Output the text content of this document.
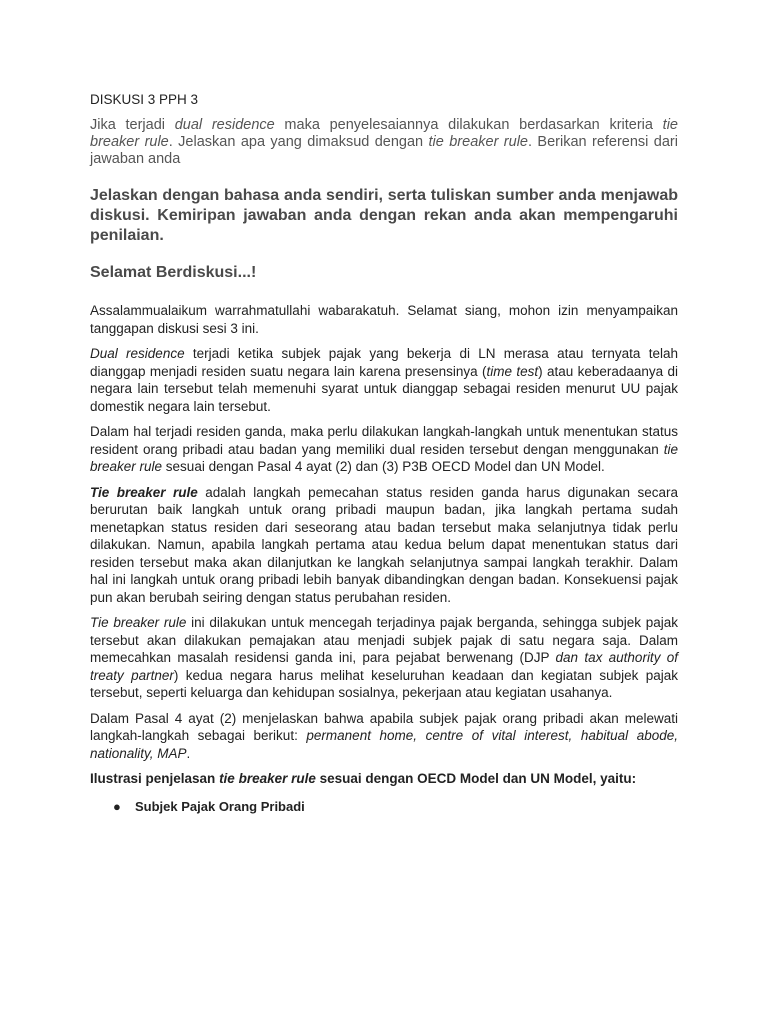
DISKUSI 3 PPH 3

Jika terjadi dual residence maka penyelesaiannya dilakukan berdasarkan kriteria tie breaker rule. Jelaskan apa yang dimaksud dengan tie breaker rule. Berikan referensi dari jawaban anda

Jelaskan dengan bahasa anda sendiri, serta tuliskan sumber anda menjawab diskusi. Kemiripan jawaban anda dengan rekan anda akan mempengaruhi penilaian.

Selamat Berdiskusi...!

Assalammualaikum warrahmatullahi wabarakatuh. Selamat siang, mohon izin menyampaikan tanggapan diskusi sesi 3 ini.

Dual residence terjadi ketika subjek pajak yang bekerja di LN merasa atau ternyata telah dianggap menjadi residen suatu negara lain karena presensinya (time test) atau keberadaanya di negara lain tersebut telah memenuhi syarat untuk dianggap sebagai residen menurut UU pajak domestik negara lain tersebut.

Dalam hal terjadi residen ganda, maka perlu dilakukan langkah-langkah untuk menentukan status resident orang pribadi atau badan yang memiliki dual residen tersebut dengan menggunakan tie breaker rule sesuai dengan Pasal 4 ayat (2) dan (3) P3B OECD Model dan UN Model.

Tie breaker rule adalah langkah pemecahan status residen ganda harus digunakan secara berurutan baik langkah untuk orang pribadi maupun badan, jika langkah pertama sudah menetapkan status residen dari seseorang atau badan tersebut maka selanjutnya tidak perlu dilakukan. Namun, apabila langkah pertama atau kedua belum dapat menentukan status dari residen tersebut maka akan dilanjutkan ke langkah selanjutnya sampai langkah terakhir. Dalam hal ini langkah untuk orang pribadi lebih banyak dibandingkan dengan badan. Konsekuensi pajak pun akan berubah seiring dengan status perubahan residen.

Tie breaker rule ini dilakukan untuk mencegah terjadinya pajak berganda, sehingga subjek pajak tersebut akan dilakukan pemajakan atau menjadi subjek pajak di satu negara saja. Dalam memecahkan masalah residensi ganda ini, para pejabat berwenang (DJP dan tax authority of treaty partner) kedua negara harus melihat keseluruhan keadaan dan kegiatan subjek pajak tersebut, seperti keluarga dan kehidupan sosialnya, pekerjaan atau kegiatan usahanya.

Dalam Pasal 4 ayat (2) menjelaskan bahwa apabila subjek pajak orang pribadi akan melewati langkah-langkah sebagai berikut: permanent home, centre of vital interest, habitual abode, nationality, MAP.

Ilustrasi penjelasan tie breaker rule sesuai dengan OECD Model dan UN Model, yaitu:
● Subjek Pajak Orang Pribadi
